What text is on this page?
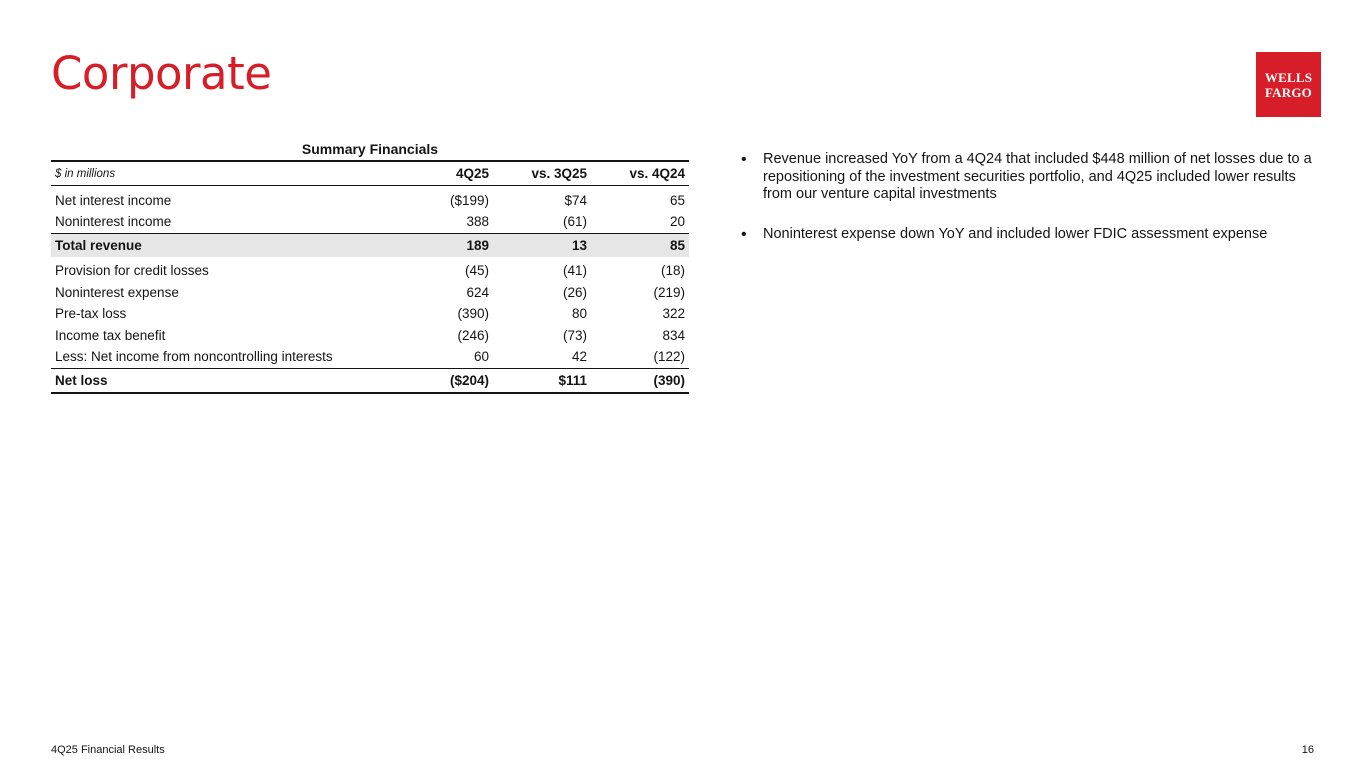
Corporate	WELLS
FARGO
Summary Financials
$ in millions	4Q25	vs. 3Q25	vs. 4Q24
Net interest income	($199)	$74	65
Noninterest income	388	(61)	20
Total revenue	189	13	85
Provision for credit losses	(45)	(41)	(18)
Noninterest expense	624	(26)	(219)
Pre-tax loss	(390)	80	322
Income tax benefit	(246)	(73)	834
Less: Net income from noncontrolling interests	60	42	(122)
Net loss	($204)	$111	(390)
•	Revenue increased YoY from a 4Q24 that included $448 million of net losses due to a repositioning of the investment securities portfolio, and 4Q25 included lower results from our venture capital investments
•	Noninterest expense down YoY and included lower FDIC assessment expense
4Q25 Financial Results	16
